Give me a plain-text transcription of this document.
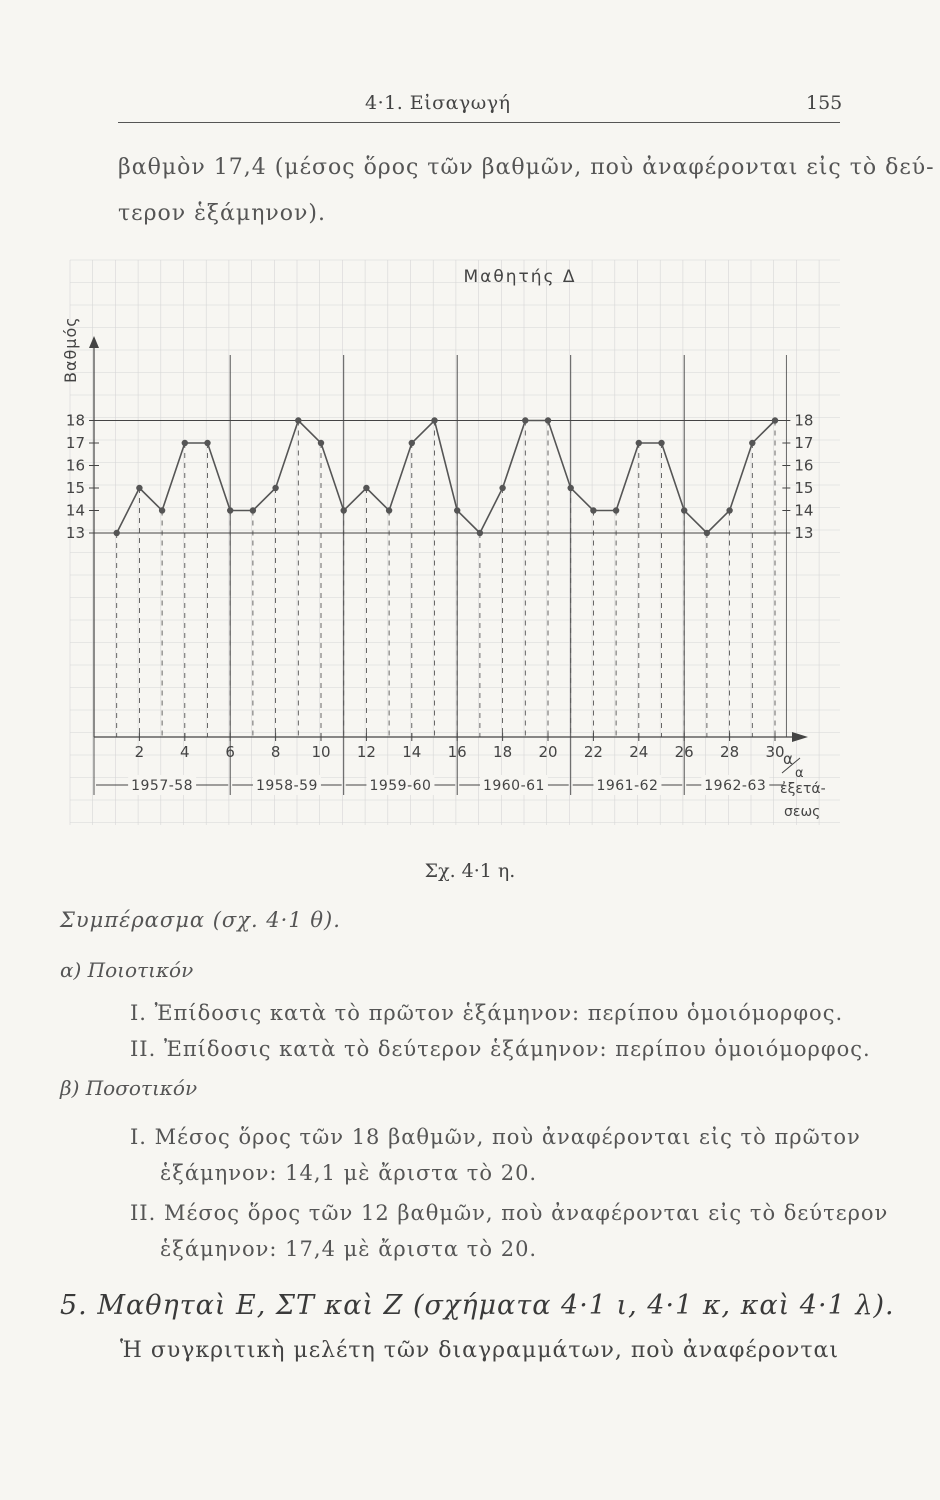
4·1. Εἰσαγωγή	155
βαθμὸν 17,4 (μέσος ὅρος τῶν βαθμῶν, ποὺ ἀναφέρονται εἰς τὸ δεύ-
τερον ἑξάμηνον).
Μαθητής Δ
Βαθμός
13	13
14	14
15	15
16	16
17	17
18	18
2 4 6 8 10 12 14 16 18 20 22 24 26 28 30
1957-58	1958-59	1959-60	1960-61	1961-62	1962-63
α
α
ἐξετά-
σεως
Σχ. 4·1 η.
Συμπέρασμα (σχ. 4·1 θ).
α) Ποιοτικόν
I. Ἐπίδοσις κατὰ τὸ πρῶτον ἑξάμηνον: περίπου ὁμοιόμορφος.
II. Ἐπίδοσις κατὰ τὸ δεύτερον ἑξάμηνον: περίπου ὁμοιόμορφος.
β) Ποσοτικόν
I. Μέσος ὅρος τῶν 18 βαθμῶν, ποὺ ἀναφέρονται εἰς τὸ πρῶτον
ἑξάμηνον: 14,1 μὲ ἄριστα τὸ 20.
II. Μέσος ὅρος τῶν 12 βαθμῶν, ποὺ ἀναφέρονται εἰς τὸ δεύτερον
ἑξάμηνον: 17,4 μὲ ἄριστα τὸ 20.
5. Μαθηταὶ Ε, ΣΤ καὶ Ζ (σχήματα 4·1 ι, 4·1 κ, καὶ 4·1 λ).
Ἡ συγκριτικὴ μελέτη τῶν διαγραμμάτων, ποὺ ἀναφέρονται
